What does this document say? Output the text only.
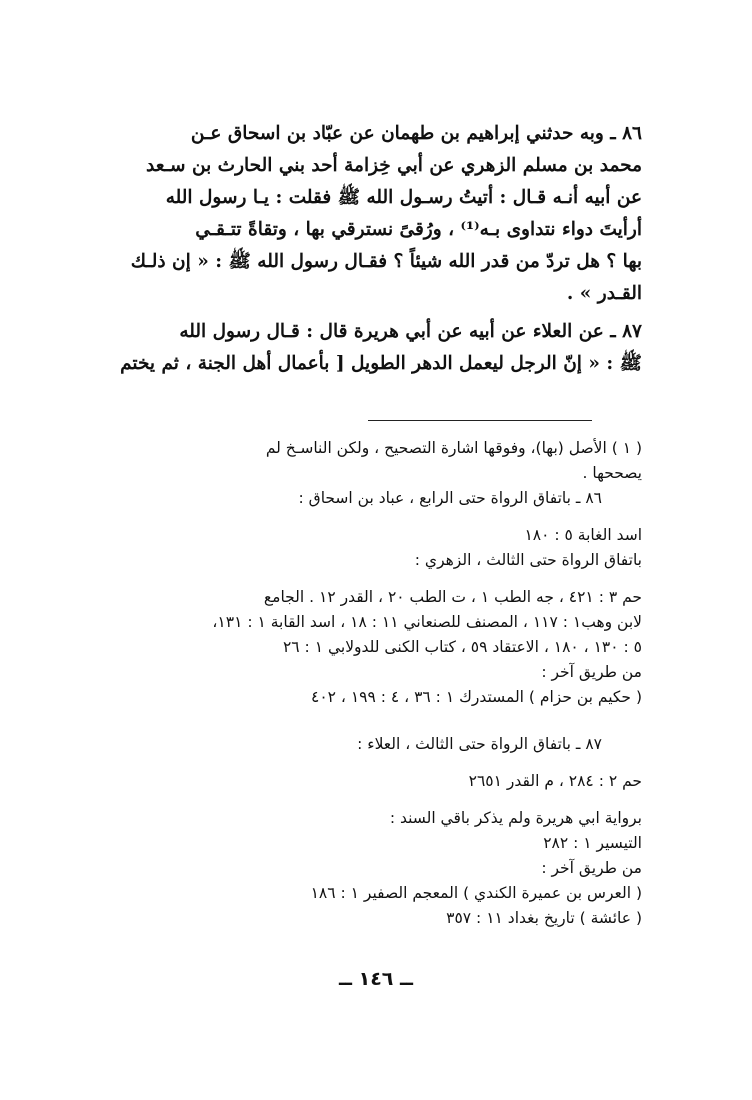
٨٦ ـ وبه حدثني إبراهيم بن طهمان عن عبّاد بن اسحاق عـن
محمد بن مسلم الزهري عن أبي خِزامة أحد بني الحارث بن سـعد
عن أبيه أنـه قـال : أتيتُ رسـول الله ﷺ فقلت : يـا رسول الله
أرأيتَ دواء نتداوى بـه⁽¹⁾ ، ورُقىً نسترقي بها ، وتقاةً تتـقـي
بها ؟ هل تردّ من قدر الله شيئاً ؟ فقـال رسول الله ﷺ : « إن ذلـك
القـدر » .
٨٧ ـ عن العلاء عن أبيه عن أبي هريرة قال : قـال رسول الله
ﷺ : « إنّ الرجل ليعمل الدهر الطويل [ بأعمال أهل الجنة ، ثم يختم
( ١ ) الأصل (بها)، وفوقها اشارة التصحيح ، ولكن الناسـخ لم
يصححها .
٨٦ ـ باتفاق الرواة حتى الرابع ، عباد بن اسحاق :
اسد الغابة ٥ : ١٨٠
باتفاق الرواة حتى الثالث ، الزهري :
حم ٣ : ٤٢١ ، جه الطب ١ ، ت الطب ٢٠ ، القدر ١٢ . الجامع
لابن وهب١ : ١١٧ ، المصنف للصنعاني ١١ : ١٨ ، اسد القابة ١ : ١٣١،
٥ : ١٣٠ ، ١٨٠ ، الاعتقاد ٥٩ ، كتاب الكنى للدولابي ١ : ٢٦
من طريق آخر :
( حكيم بن حزام ) المستدرك ١ : ٣٦ ، ٤ : ١٩٩ ، ٤٠٢
٨٧ ـ باتفاق الرواة حتى الثالث ، العلاء :
حم ٢ : ٢٨٤ ، م القدر ٢٦٥١
برواية ابي هريرة ولم يذكر باقي السند :
التيسير ١ : ٢٨٢
من طريق آخر :
( العرس بن عميرة الكندي ) المعجم الصفير ١ : ١٨٦
( عائشة ) تاريخ بغداد ١١ : ٣٥٧
ــ ١٤٦ ــ
